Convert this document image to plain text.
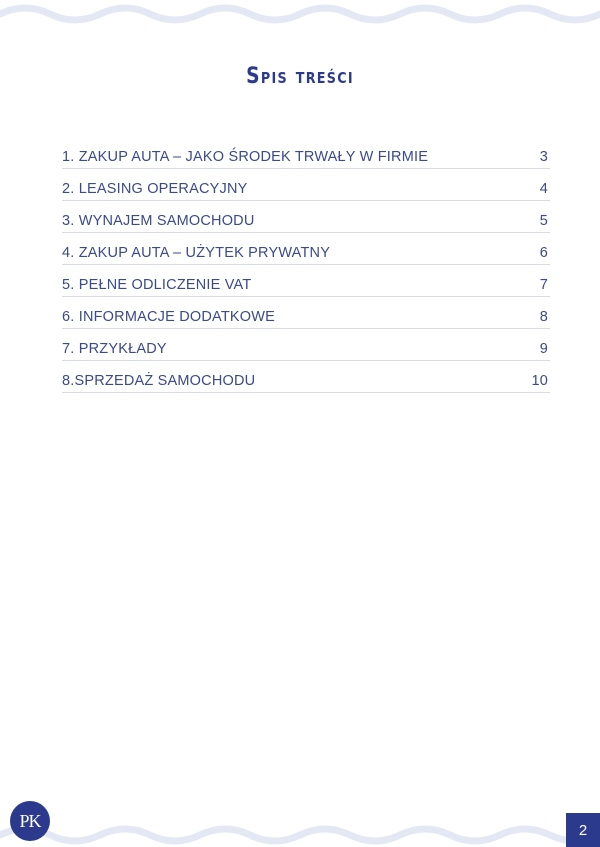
Spis treści
1. ZAKUP AUTA – JAKO ŚRODEK TRWAŁY W FIRMIE	3
2. LEASING OPERACYJNY	4
3. WYNAJEM SAMOCHODU	5
4. ZAKUP AUTA – UŻYTEK PRYWATNY	6
5. PEŁNE ODLICZENIE VAT	7
6. INFORMACJE DODATKOWE	8
7. PRZYKŁADY	9
8.SPRZEDAŻ SAMOCHODU	10
PK	2
